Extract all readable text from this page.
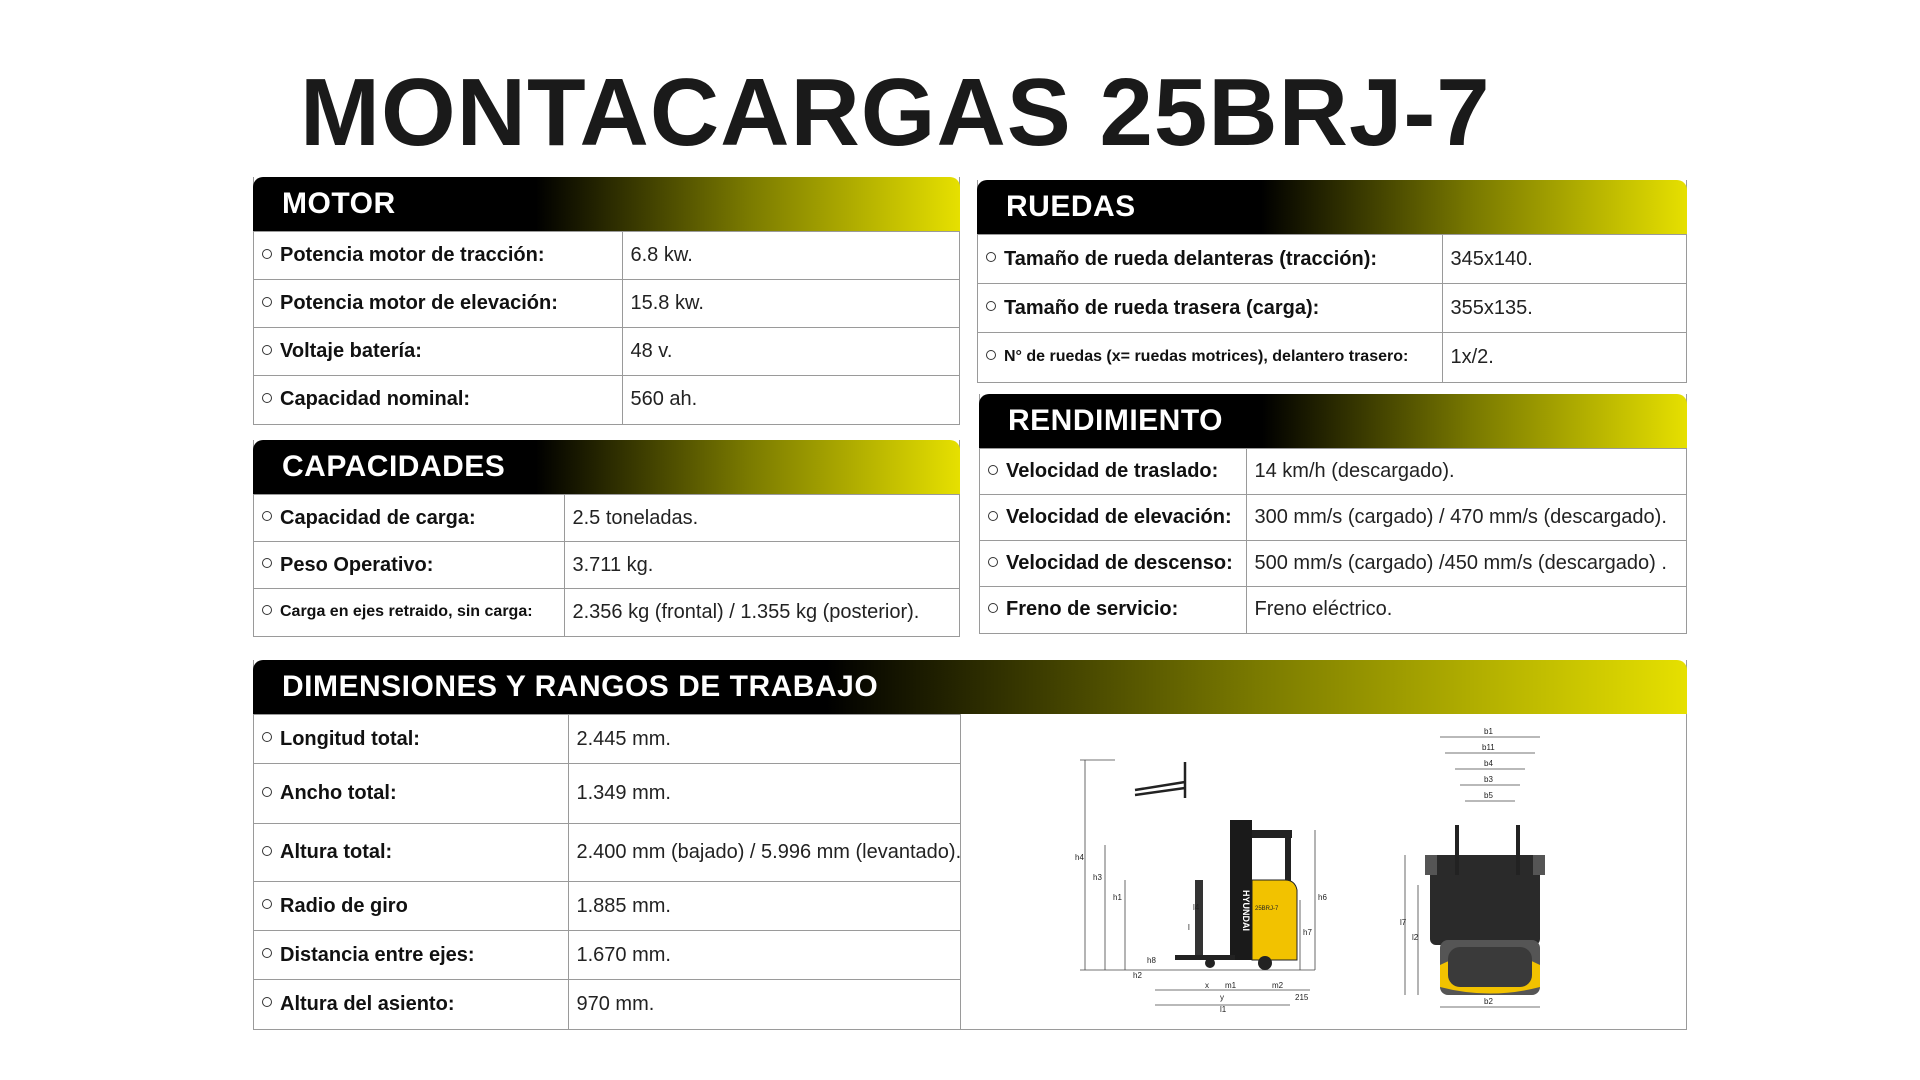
MONTACARGAS 25BRJ-7
MOTOR
Potencia motor de tracción:	6.8 kw.
Potencia motor de elevación:	15.8 kw.
Voltaje batería:	48 v.
Capacidad nominal:	560 ah.
CAPACIDADES
Capacidad de carga:	2.5 toneladas.
Peso Operativo:	3.711 kg.
Carga en ejes retraido, sin carga:	2.356 kg (frontal) / 1.355 kg (posterior).
RUEDAS
Tamaño de rueda delanteras (tracción):	345x140.
Tamaño de rueda trasera (carga):	355x135.
N° de ruedas (x= ruedas motrices), delantero trasero:	1x/2.
RENDIMIENTO
Velocidad de traslado:	14 km/h (descargado).
Velocidad de elevación:	300 mm/s (cargado) / 470 mm/s (descargado).
Velocidad de descenso:	500 mm/s (cargado) /450 mm/s (descargado) .
Freno de servicio:	Freno eléctrico.
DIMENSIONES Y RANGOS DE TRABAJO
Longitud total:	2.445 mm.
Ancho total:	1.349 mm.
Altura total:	2.400 mm (bajado) / 5.996 mm (levantado).
Radio de giro	1.885 mm.
Distancia entre ejes:	1.670 mm.
Altura del asiento:	970 mm.
25BRJ-7
HYUNDAI
h4
h3
h1	h6
h7
h2
h8
l4
l
x m1	m2
y
l1
215
b1
b11
b4
b3
b5
l7
l2
b2
